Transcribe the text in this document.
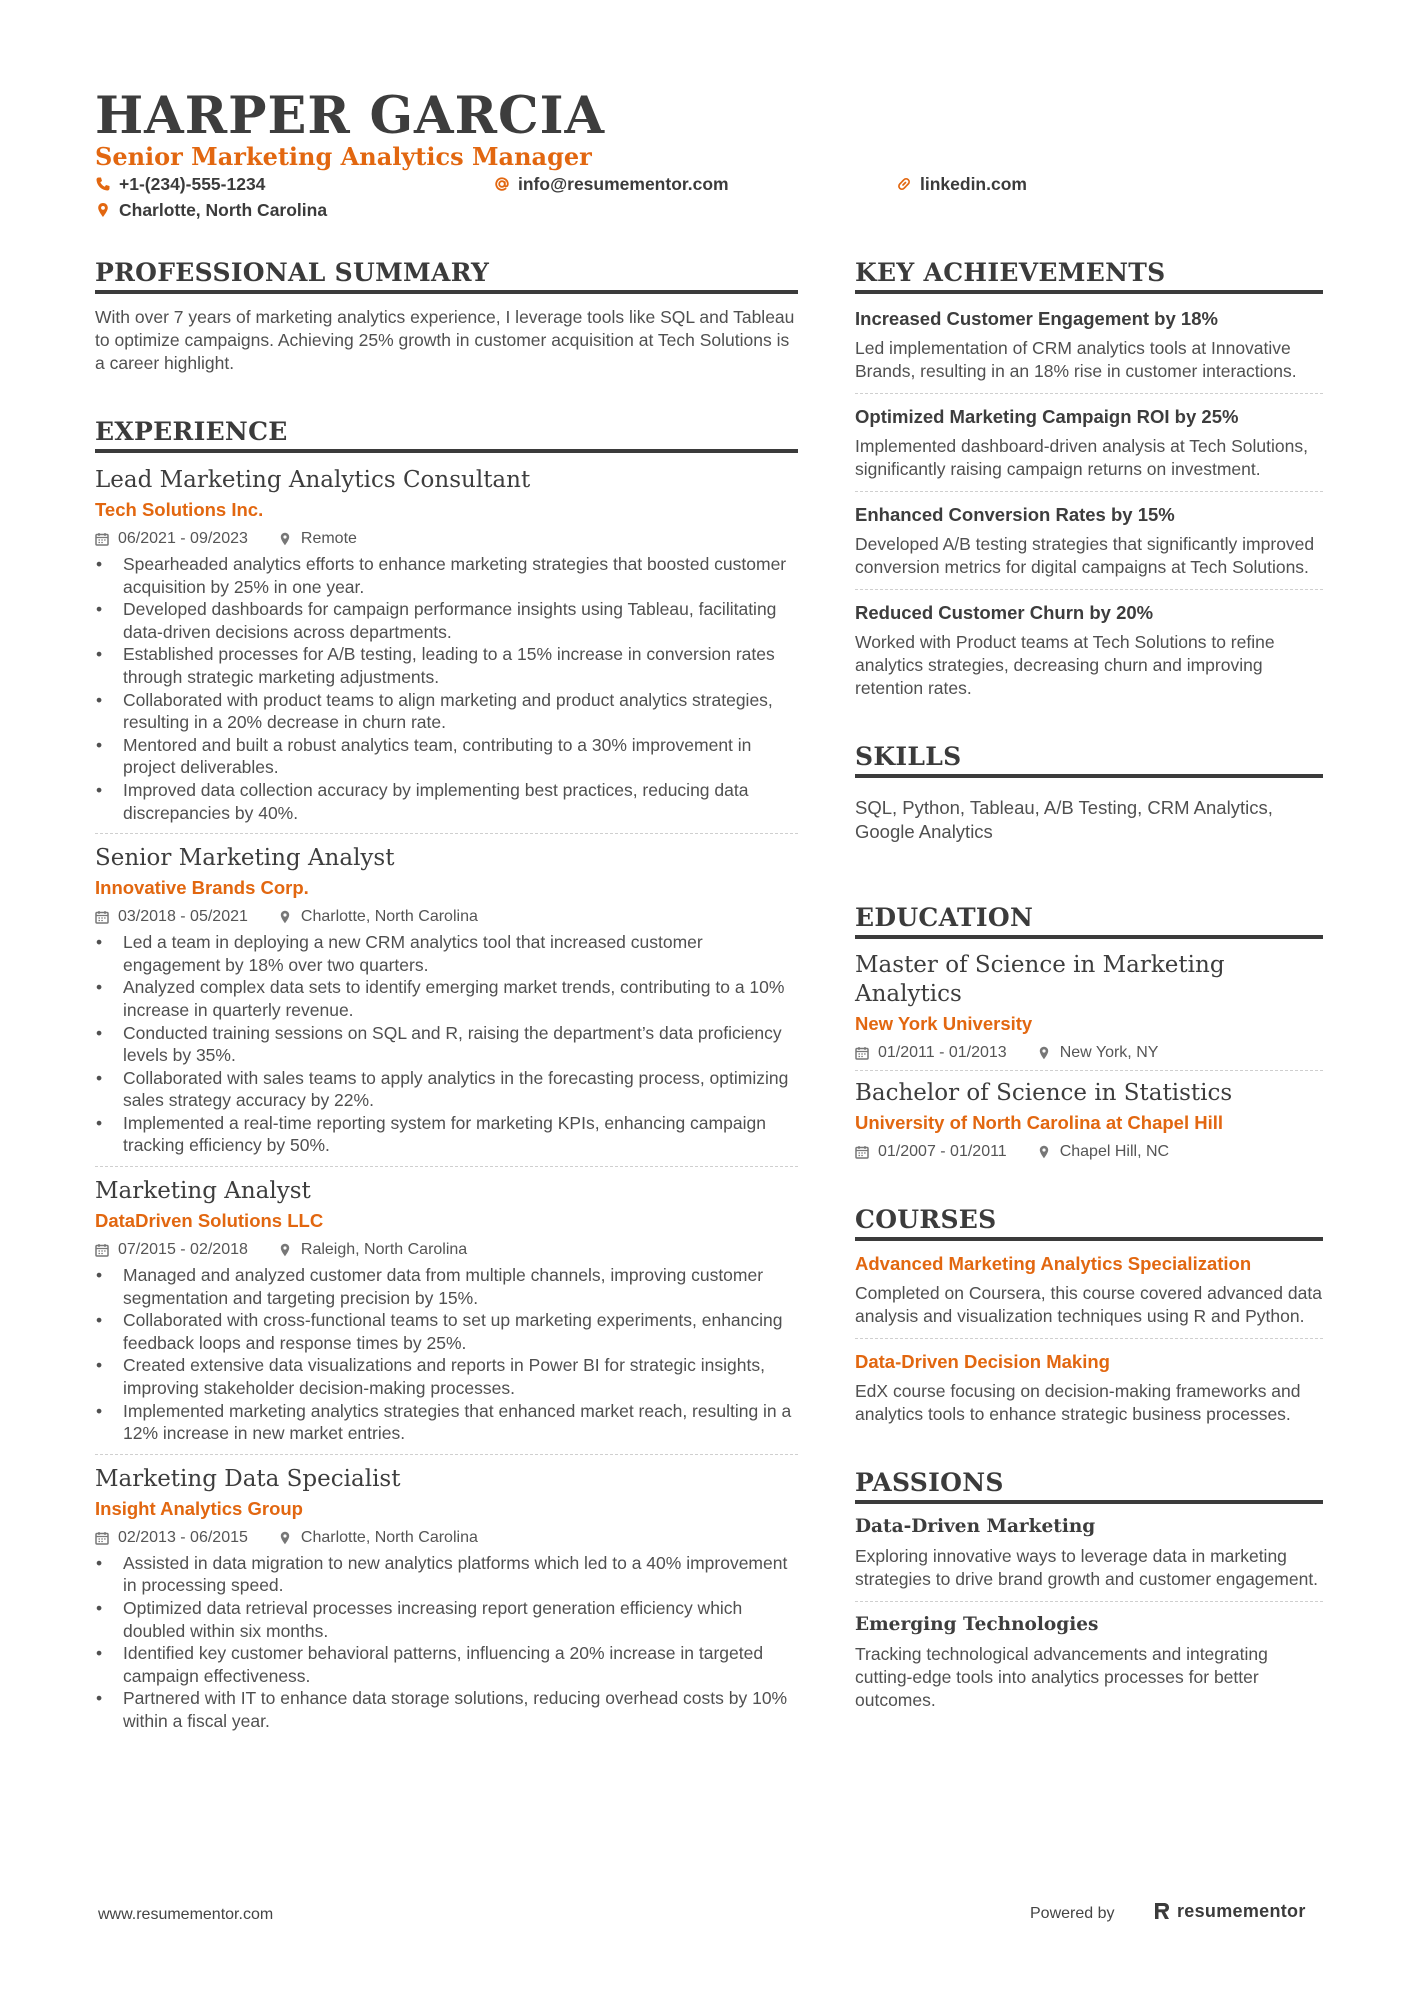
HARPER GARCIA
Senior Marketing Analytics Manager
+1-(234)-555-1234	info@resumementor.com	linkedin.com
Charlotte, North Carolina
PROFESSIONAL SUMMARY
With over 7 years of marketing analytics experience, I leverage tools like SQL and Tableau to optimize campaigns. Achieving 25% growth in customer acquisition at Tech Solutions is a career highlight.
EXPERIENCE
Lead Marketing Analytics Consultant
Tech Solutions Inc.
06/2021 - 09/2023	Remote
• Spearheaded analytics efforts to enhance marketing strategies that boosted customer acquisition by 25% in one year.
• Developed dashboards for campaign performance insights using Tableau, facilitating data-driven decisions across departments.
• Established processes for A/B testing, leading to a 15% increase in conversion rates through strategic marketing adjustments.
• Collaborated with product teams to align marketing and product analytics strategies, resulting in a 20% decrease in churn rate.
• Mentored and built a robust analytics team, contributing to a 30% improvement in project deliverables.
• Improved data collection accuracy by implementing best practices, reducing data discrepancies by 40%.
Senior Marketing Analyst
Innovative Brands Corp.
03/2018 - 05/2021	Charlotte, North Carolina
• Led a team in deploying a new CRM analytics tool that increased customer engagement by 18% over two quarters.
• Analyzed complex data sets to identify emerging market trends, contributing to a 10% increase in quarterly revenue.
• Conducted training sessions on SQL and R, raising the department’s data proficiency levels by 35%.
• Collaborated with sales teams to apply analytics in the forecasting process, optimizing sales strategy accuracy by 22%.
• Implemented a real-time reporting system for marketing KPIs, enhancing campaign tracking efficiency by 50%.
Marketing Analyst
DataDriven Solutions LLC
07/2015 - 02/2018	Raleigh, North Carolina
• Managed and analyzed customer data from multiple channels, improving customer segmentation and targeting precision by 15%.
• Collaborated with cross-functional teams to set up marketing experiments, enhancing feedback loops and response times by 25%.
• Created extensive data visualizations and reports in Power BI for strategic insights, improving stakeholder decision-making processes.
• Implemented marketing analytics strategies that enhanced market reach, resulting in a 12% increase in new market entries.
Marketing Data Specialist
Insight Analytics Group
02/2013 - 06/2015	Charlotte, North Carolina
• Assisted in data migration to new analytics platforms which led to a 40% improvement in processing speed.
• Optimized data retrieval processes increasing report generation efficiency which doubled within six months.
• Identified key customer behavioral patterns, influencing a 20% increase in targeted campaign effectiveness.
• Partnered with IT to enhance data storage solutions, reducing overhead costs by 10% within a fiscal year.
KEY ACHIEVEMENTS
Increased Customer Engagement by 18%
Led implementation of CRM analytics tools at Innovative Brands, resulting in an 18% rise in customer interactions.
Optimized Marketing Campaign ROI by 25%
Implemented dashboard-driven analysis at Tech Solutions, significantly raising campaign returns on investment.
Enhanced Conversion Rates by 15%
Developed A/B testing strategies that significantly improved conversion metrics for digital campaigns at Tech Solutions.
Reduced Customer Churn by 20%
Worked with Product teams at Tech Solutions to refine analytics strategies, decreasing churn and improving retention rates.
SKILLS
SQL, Python, Tableau, A/B Testing, CRM Analytics, Google Analytics
EDUCATION
Master of Science in Marketing Analytics
New York University
01/2011 - 01/2013	New York, NY
Bachelor of Science in Statistics
University of North Carolina at Chapel Hill
01/2007 - 01/2011	Chapel Hill, NC
COURSES
Advanced Marketing Analytics Specialization
Completed on Coursera, this course covered advanced data analysis and visualization techniques using R and Python.
Data-Driven Decision Making
EdX course focusing on decision-making frameworks and analytics tools to enhance strategic business processes.
PASSIONS
Data-Driven Marketing
Exploring innovative ways to leverage data in marketing strategies to drive brand growth and customer engagement.
Emerging Technologies
Tracking technological advancements and integrating cutting-edge tools into analytics processes for better outcomes.
www.resumementor.com	Powered by	resumementor
